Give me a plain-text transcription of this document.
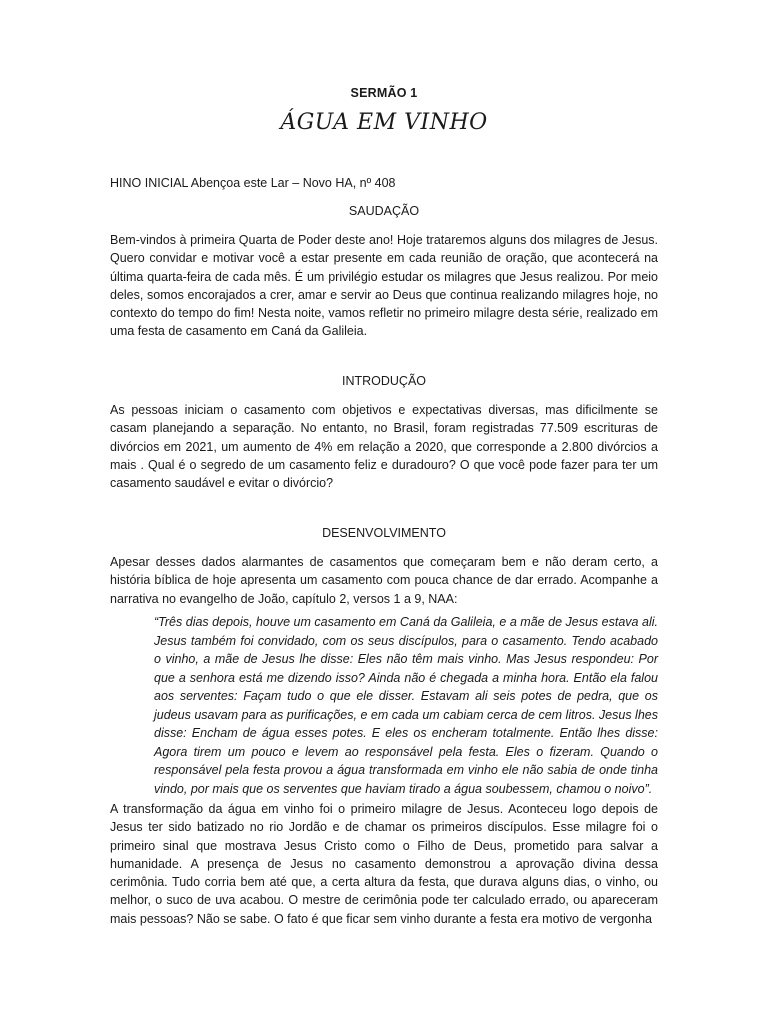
SERMÃO 1
ÁGUA EM VINHO
HINO INICIAL Abençoa este Lar – Novo HA, nº 408
SAUDAÇÃO

Bem-vindos à primeira Quarta de Poder deste ano! Hoje trataremos alguns dos milagres de Jesus. Quero convidar e motivar você a estar presente em cada reunião de oração, que acontecerá na última quarta-feira de cada mês. É um privilégio estudar os milagres que Jesus realizou. Por meio deles, somos encorajados a crer, amar e servir ao Deus que continua realizando milagres hoje, no contexto do tempo do fim! Nesta noite, vamos refletir no primeiro milagre desta série, realizado em uma festa de casamento em Caná da Galileia.

INTRODUÇÃO

As pessoas iniciam o casamento com objetivos e expectativas diversas, mas dificilmente se casam planejando a separação. No entanto, no Brasil, foram registradas 77.509 escrituras de divórcios em 2021, um aumento de 4% em relação a 2020, que corresponde a 2.800 divórcios a mais . Qual é o segredo de um casamento feliz e duradouro? O que você pode fazer para ter um casamento saudável e evitar o divórcio?

DESENVOLVIMENTO

Apesar desses dados alarmantes de casamentos que começaram bem e não deram certo, a história bíblica de hoje apresenta um casamento com pouca chance de dar errado. Acompanhe a narrativa no evangelho de João, capítulo 2, versos 1 a 9, NAA:

“Três dias depois, houve um casamento em Caná da Galileia, e a mãe de Jesus estava ali. Jesus também foi convidado, com os seus discípulos, para o casamento. Tendo acabado o vinho, a mãe de Jesus lhe disse: Eles não têm mais vinho. Mas Jesus respondeu: Por que a senhora está me dizendo isso? Ainda não é chegada a minha hora. Então ela falou aos serventes: Façam tudo o que ele disser. Estavam ali seis potes de pedra, que os judeus usavam para as purificações, e em cada um cabiam cerca de cem litros. Jesus lhes disse: Encham de água esses potes. E eles os encheram totalmente. Então lhes disse: Agora tirem um pouco e levem ao responsável pela festa. Eles o fizeram. Quando o responsável pela festa provou a água transformada em vinho ele não sabia de onde tinha vindo, por mais que os serventes que haviam tirado a água soubessem, chamou o noivo”.

A transformação da água em vinho foi o primeiro milagre de Jesus. Aconteceu logo depois de Jesus ter sido batizado no rio Jordão e de chamar os primeiros discípulos. Esse milagre foi o primeiro sinal que mostrava Jesus Cristo como o Filho de Deus, prometido para salvar a humanidade. A presença de Jesus no casamento demonstrou a aprovação divina dessa cerimônia. Tudo corria bem até que, a certa altura da festa, que durava alguns dias, o vinho, ou melhor, o suco de uva acabou. O mestre de cerimônia pode ter calculado errado, ou apareceram mais pessoas? Não se sabe. O fato é que ficar sem vinho durante a festa era motivo de vergonha
